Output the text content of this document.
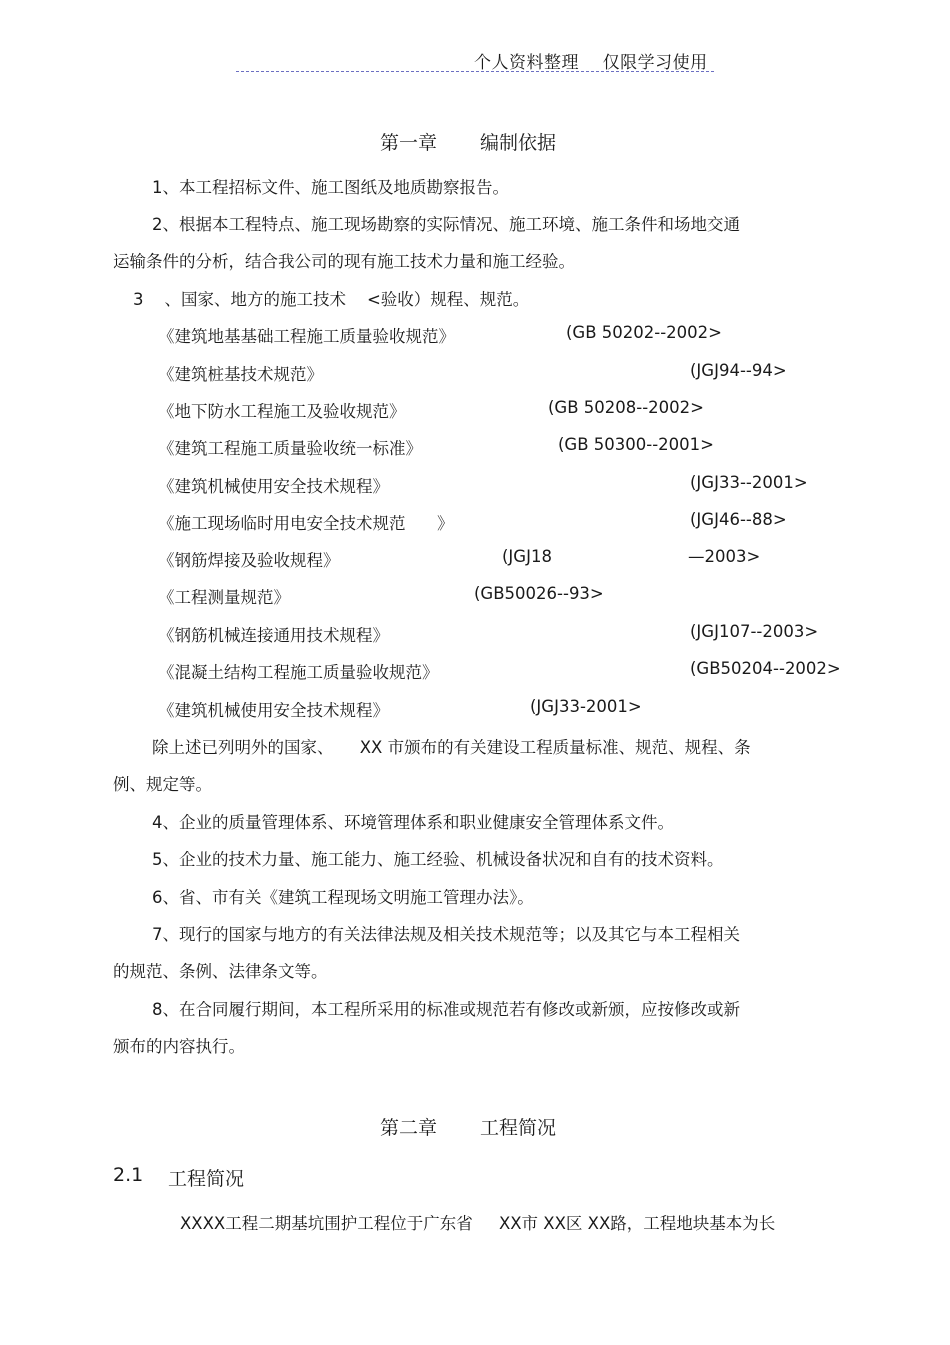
个人资料整理    仅限学习使用
第一章 编制依据
1、本工程招标文件、施工图纸及地质勘察报告。
2、根据本工程特点、施工现场勘察的实际情况、施工环境、施工条件和场地交通
运输条件的分析，结合我公司的现有施工技术力量和施工经验。
3    、国家、地方的施工技术    <验收）规程、规范。
《建筑地基基础工程施工质量验收规范》	(GB 50202--2002>
《建筑桩基技术规范》	(JGJ94--94>
《地下防水工程施工及验收规范》	(GB 50208--2002>
《建筑工程施工质量验收统一标准》	(GB 50300--2001>
《建筑机械使用安全技术规程》	(JGJ33--2001>
《施工现场临时用电安全技术规范      》	(JGJ46--88>
《钢筋焊接及验收规程》	(JGJ18	—2003>
《工程测量规范》	(GB50026--93>
《钢筋机械连接通用技术规程》	(JGJ107--2003>
《混凝土结构工程施工质量验收规范》	(GB50204--2002>
《建筑机械使用安全技术规程》	(JGJ33-2001>
除上述已列明外的国家、     XX 市颁布的有关建设工程质量标准、规范、规程、条
例、规定等。
4、企业的质量管理体系、环境管理体系和职业健康安全管理体系文件。
5、企业的技术力量、施工能力、施工经验、机械设备状况和自有的技术资料。
6、省、市有关《建筑工程现场文明施工管理办法》。
7、现行的国家与地方的有关法律法规及相关技术规范等；以及其它与本工程相关
的规范、条例、法律条文等。
8、在合同履行期间，本工程所采用的标准或规范若有修改或新颁，应按修改或新
颁布的内容执行。
第二章 工程简况
2.1 工程简况
XXXX工程二期基坑围护工程位于广东省     XX市 XX区 XX路，工程地块基本为长
